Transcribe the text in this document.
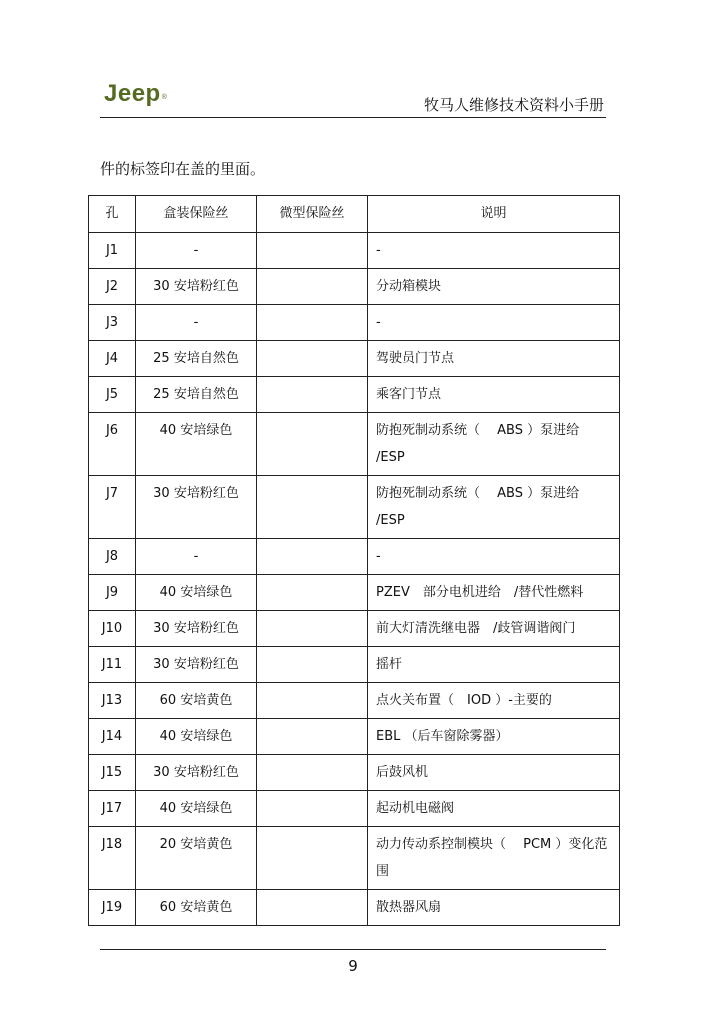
Jeep®	牧马人维修技术资料小手册
件的标签印在盖的里面。
孔	盒装保险丝	微型保险丝	说明
J1	-		-
J2	30 安培粉红色		分动箱模块
J3	-		-
J4	25 安培自然色		驾驶员门节点
J5	25 安培自然色		乘客门节点
J6	40 安培绿色		防抱死制动系统（　 ABS ）泵进给 /ESP
J7	30 安培粉红色		防抱死制动系统（　 ABS ）泵进给 /ESP
J8	-		-
J9	40 安培绿色		PZEV　部分电机进给　/替代性燃料
J10	30 安培粉红色		前大灯清洗继电器　/歧管调谐阀门
J11	30 安培粉红色		摇杆
J13	60 安培黄色		点火关布置（　IOD ）-主要的
J14	40 安培绿色		EBL （后车窗除雾器）
J15	30 安培粉红色		后鼓风机
J17	40 安培绿色		起动机电磁阀
J18	20 安培黄色		动力传动系控制模块（　 PCM ）变化范围
J19	60 安培黄色		散热器风扇
9
